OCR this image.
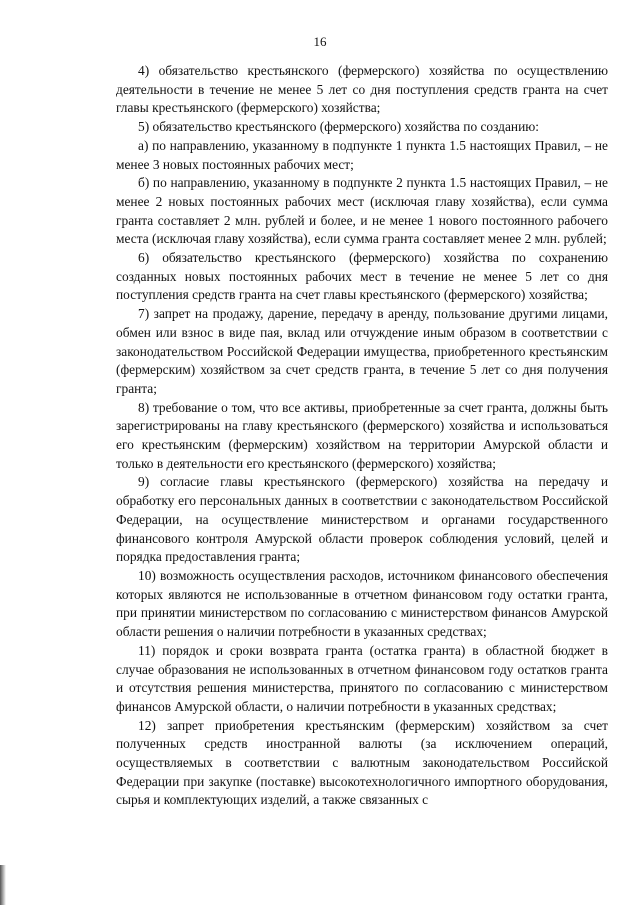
16

4) обязательство крестьянского (фермерского) хозяйства по осуществлению деятельности в течение не менее 5 лет со дня поступления средств гранта на счет главы крестьянского (фермерского) хозяйства;

5) обязательство крестьянского (фермерского) хозяйства по созданию:

а) по направлению, указанному в подпункте 1 пункта 1.5 настоящих Правил, – не менее 3 новых постоянных рабочих мест;

б) по направлению, указанному в подпункте 2 пункта 1.5 настоящих Правил, – не менее 2 новых постоянных рабочих мест (исключая главу хозяйства), если сумма гранта составляет 2 млн. рублей и более, и не менее 1 нового постоянного рабочего места (исключая главу хозяйства), если сумма гранта составляет менее 2 млн. рублей;

6) обязательство крестьянского (фермерского) хозяйства по сохранению созданных новых постоянных рабочих мест в течение не менее 5 лет со дня поступления средств гранта на счет главы крестьянского (фермерского) хозяйства;

7) запрет на продажу, дарение, передачу в аренду, пользование другими лицами, обмен или взнос в виде пая, вклад или отчуждение иным образом в соответствии с законодательством Российской Федерации имущества, приобретенного крестьянским (фермерским) хозяйством за счет средств гранта, в течение 5 лет со дня получения гранта;

8) требование о том, что все активы, приобретенные за счет гранта, должны быть зарегистрированы на главу крестьянского (фермерского) хозяйства и использоваться его крестьянским (фермерским) хозяйством на территории Амурской области и только в деятельности его крестьянского (фермерского) хозяйства;

9) согласие главы крестьянского (фермерского) хозяйства на передачу и обработку его персональных данных в соответствии с законодательством Российской Федерации, на осуществление министерством и органами государственного финансового контроля Амурской области проверок соблюдения условий, целей и порядка предоставления гранта;

10) возможность осуществления расходов, источником финансового обеспечения которых являются не использованные в отчетном финансовом году остатки гранта, при принятии министерством по согласованию с министерством финансов Амурской области решения о наличии потребности в указанных средствах;

11) порядок и сроки возврата гранта (остатка гранта) в областной бюджет в случае образования не использованных в отчетном финансовом году остатков гранта и отсутствия решения министерства, принятого по согласованию с министерством финансов Амурской области, о наличии потребности в указанных средствах;

12) запрет приобретения крестьянским (фермерским) хозяйством за счет полученных средств иностранной валюты (за исключением операций, осуществляемых в соответствии с валютным законодательством Российской Федерации при закупке (поставке) высокотехнологичного импортного оборудования, сырья и комплектующих изделий, а также связанных с
